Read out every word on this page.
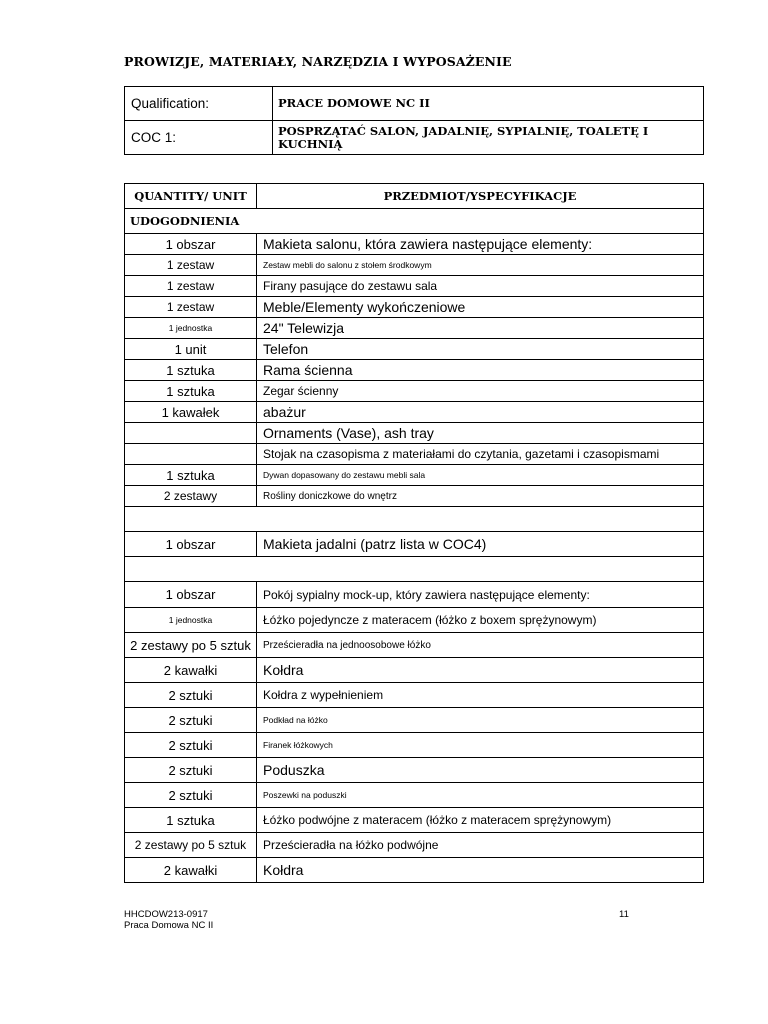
PROWIZJE, MATERIAŁY, NARZĘDZIA I WYPOSAŻENIE
Qualification:	PRACE DOMOWE NC II
COC 1:	POSPRZĄTAĆ SALON, JADALNIĘ, SYPIALNIĘ, TOALETĘ I KUCHNIĄ
QUANTITY/ UNIT	PRZEDMIOT/YSPECYFIKACJE
UDOGODNIENIA	
1 obszar	Makieta salonu, która zawiera następujące elementy:
1 zestaw	Zestaw mebli do salonu z stołem środkowym
1 zestaw	Firany pasujące do zestawu sala
1 zestaw	Meble/Elementy wykończeniowe
1 jednostka	24" Telewizja
1 unit	Telefon
1 sztuka	Rama ścienna
1 sztuka	Zegar ścienny
1 kawałek	abażur
	Ornaments (Vase), ash tray
	Stojak na czasopisma z materiałami do czytania, gazetami i czasopismami
1 sztuka	Dywan dopasowany do zestawu mebli sala
2 zestawy	Rośliny doniczkowe do wnętrz

1 obszar	Makieta jadalni (patrz lista w COC4)

1 obszar	Pokój sypialny mock-up, który zawiera następujące elementy:
1 jednostka	Łóżko pojedyncze z materacem (łóżko z boxem sprężynowym)
2 zestawy po 5 sztuk	Prześcieradła na jednoosobowe łóżko
2 kawałki	Kołdra
2 sztuki	Kołdra z wypełnieniem
2 sztuki	Podkład na łóżko
2 sztuki	Firanek łóżkowych
2 sztuki	Poduszka
2 sztuki	Poszewki na poduszki
1 sztuka	Łóżko podwójne z materacem (łóżko z materacem sprężynowym)
2 zestawy po 5 sztuk	Prześcieradła na łóżko podwójne
2 kawałki	Kołdra
HHCDOW213-0917
Praca Domowa NC II
11
